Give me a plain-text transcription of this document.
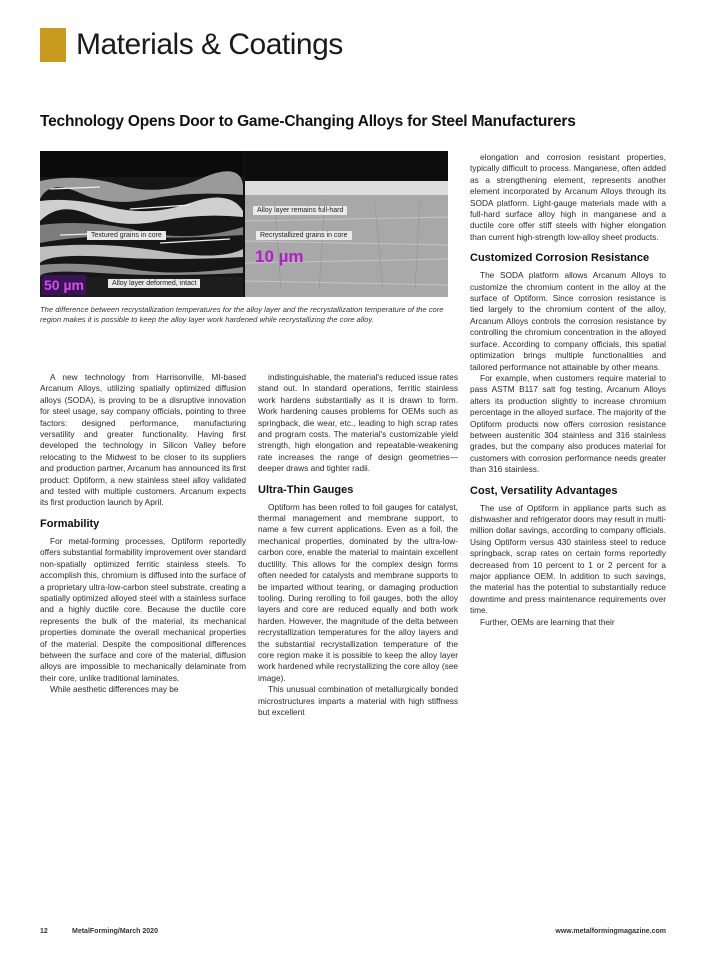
Materials & Coatings
Technology Opens Door to Game-Changing Alloys for Steel Manufacturers
Textured grains in core
Alloy layer deformed, intact
50 µm
Alloy layer remains full-hard
Recrystallized grains in core
10 µm

The difference between recrystallization temperatures for the alloy layer and the recrystallization temperature of the core region makes it is possible to keep the alloy layer work hardened while recrystallizing the core alloy.

A new technology from Harrisonville, MI-based Arcanum Alloys, utilizing spatially optimized diffusion alloys (SODA), is proving to be a disruptive innovation for steel usage, say company officials, pointing to three factors: designed performance, manufacturing versatility and greater functionality. Having first developed the technology in Silicon Valley before relocating to the Midwest to be closer to its suppliers and production partner, Arcanum has announced its first product: Optiform, a new stainless steel alloy validated and tested with multiple customers. Arcanum expects its first production launch by April.

Formability

For metal-forming processes, Optiform reportedly offers substantial formability improvement over standard non-spatially optimized ferritic stainless steels. To accomplish this, chromium is diffused into the surface of a proprietary ultra-low-carbon steel substrate, creating a spatially optimized alloyed steel with a stainless surface and a highly ductile core. Because the ductile core represents the bulk of the material, its mechanical properties dominate the overall mechanical properties of the material. Despite the compositional differences between the surface and core of the material, diffusion alloys are impossible to mechanically delaminate from their core, unlike traditional laminates.

While aesthetic differences may be

indistinguishable, the material's reduced issue rates stand out. In standard operations, ferritic stainless work hardens substantially as it is drawn to form. Work hardening causes problems for OEMs such as springback, die wear, etc., leading to high scrap rates and program costs. The material's customizable yield strength, high elongation and repeatable-weakening rate increases the range of design geometries—deeper draws and tighter radii.

Ultra-Thin Gauges

Optiform has been rolled to foil gauges for catalyst, thermal management and membrane support, to name a few current applications. Even as a foil, the mechanical properties, dominated by the ultra-low-carbon core, enable the material to maintain excellent ductility. This allows for the complex design forms often needed for catalysts and membrane supports to be imparted without tearing, or damaging production tooling. During rerolling to foil gauges, both the alloy layers and core are reduced equally and both work harden. However, the magnitude of the delta between recrystallization temperatures for the alloy layers and the substantial recrystallization temperature of the core region make it is possible to keep the alloy layer work hardened while recrystallizing the core alloy (see image).

This unusual combination of metallurgically bonded microstructures imparts a material with high stiffness but excellent

elongation and corrosion resistant properties, typically difficult to process. Manganese, often added as a strengthening element, represents another element incorporated by Arcanum Alloys through its SODA platform. Light-gauge materials made with a full-hard surface alloy high in manganese and a ductile core offer stiff steels with higher elongation than current high-strength low-alloy sheet products.

Customized Corrosion Resistance

The SODA platform allows Arcanum Alloys to customize the chromium content in the alloy at the surface of Optiform. Since corrosion resistance is tied largely to the chromium content of the alloy, Arcanum Alloys controls the corrosion resistance by controlling the chromium concentration in the alloyed surface. According to company officials, this spatial optimization brings multiple functionalities and tailored performance not attainable by other means.

For example, when customers require material to pass ASTM B117 salt fog testing, Arcanum Alloys alters its production slightly to increase chromium percentage in the alloyed surface. The majority of the Optiform products now offers corrosion resistance between austenitic 304 stainless and 316 stainless grades, but the company also produces material for customers with corrosion performance needs greater than 316 stainless.

Cost, Versatility Advantages

The use of Optiform in appliance parts such as dishwasher and refrigerator doors may result in multi-million dollar savings, according to company officials. Using Optiform versus 430 stainless steel to reduce springback, scrap rates on certain forms reportedly decreased from 10 percent to 1 or 2 percent for a major appliance OEM. In addition to such savings, the material has the potential to substantially reduce downtime and press maintenance requirements over time.

Further, OEMs are learning that their

12	MetalForming/March 2020	www.metalformingmagazine.com
